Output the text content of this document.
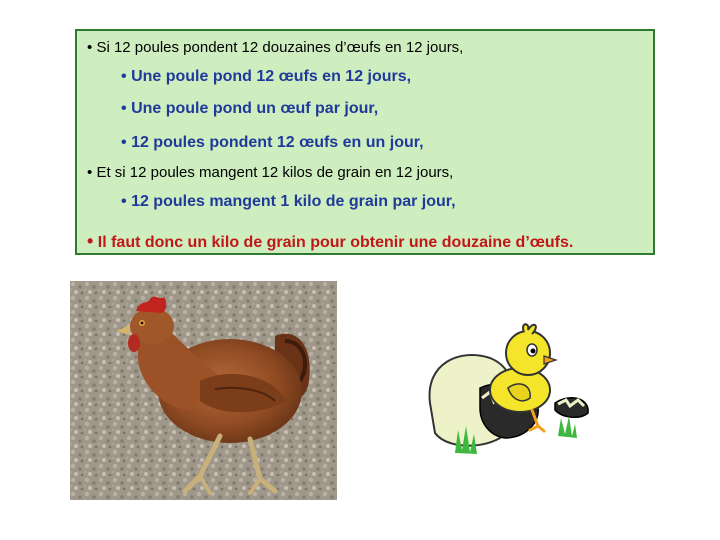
• Si 12 poules pondent 12 douzaines d’œufs en 12 jours,
• Une poule pond 12 œufs en 12 jours,
• Une poule pond un œuf par jour,
• 12 poules pondent 12 œufs en un jour,
• Et si 12 poules mangent 12 kilos de grain en 12 jours,
• 12 poules mangent 1 kilo de grain par jour,
• Il faut donc un kilo de grain pour obtenir une douzaine d’œufs.
